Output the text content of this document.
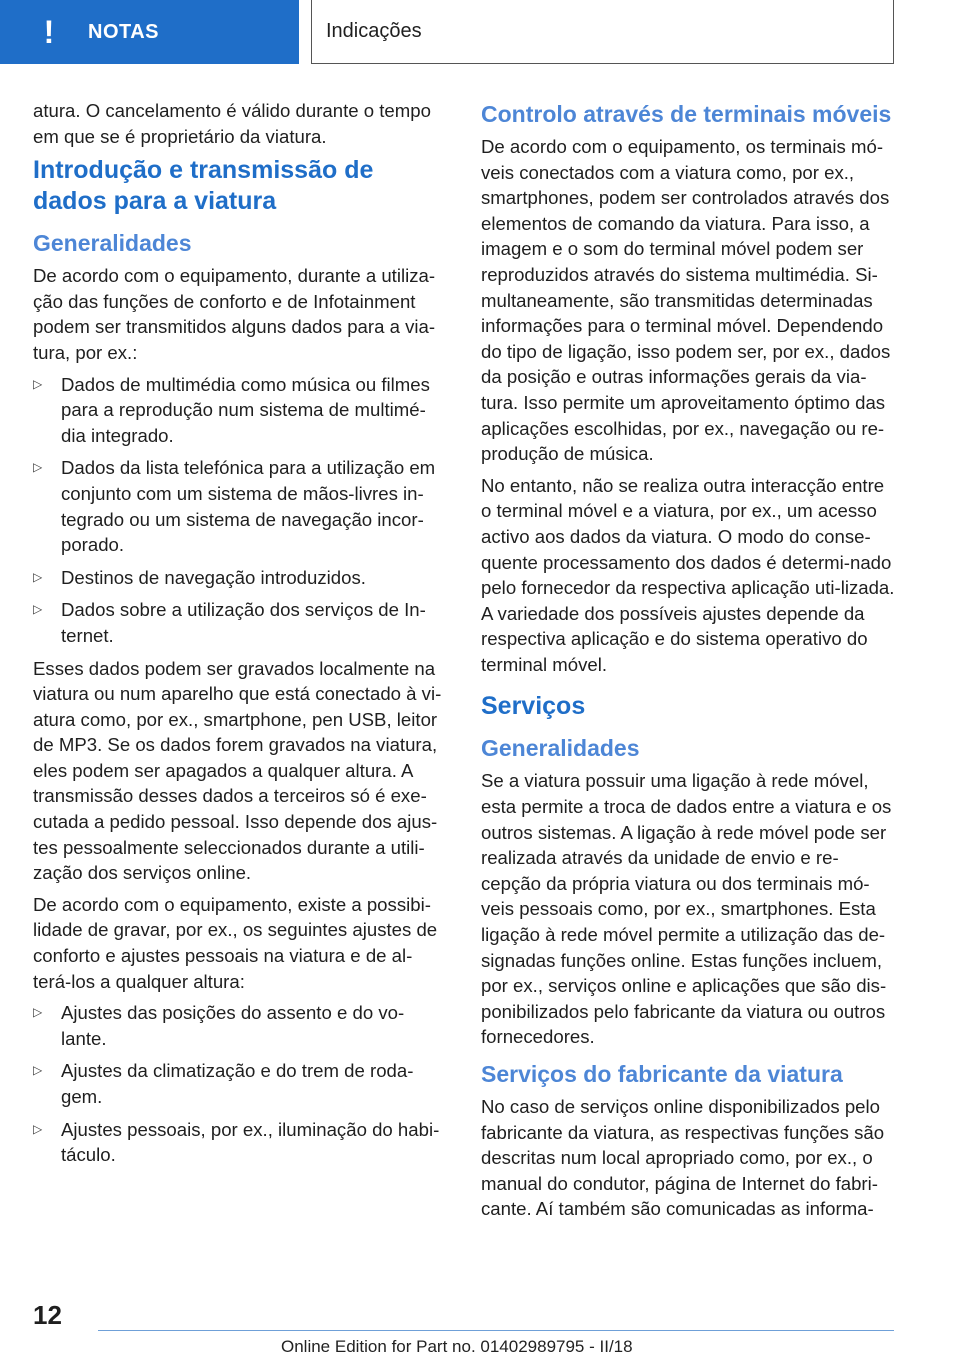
! NOTAS	Indicações

atura. O cancelamento é válido durante o tempo em que se é proprietário da viatura.

Introdução e transmissão de dados para a viatura
Generalidades

De acordo com o equipamento, durante a utiliza-ção das funções de conforto e de Infotainment podem ser transmitidos alguns dados para a via-tura, por ex.:

▷ Dados de multimédia como música ou filmes para a reprodução num sistema de multimé-dia integrado.
▷ Dados da lista telefónica para a utilização em conjunto com um sistema de mãos-livres in-tegrado ou um sistema de navegação incor-porado.
▷ Destinos de navegação introduzidos.
▷ Dados sobre a utilização dos serviços de In-ternet.

Esses dados podem ser gravados localmente na viatura ou num aparelho que está conectado à vi-atura como, por ex., smartphone, pen USB, leitor de MP3. Se os dados forem gravados na viatura, eles podem ser apagados a qualquer altura. A transmissão desses dados a terceiros só é exe-cutada a pedido pessoal. Isso depende dos ajus-tes pessoalmente seleccionados durante a utili-zação dos serviços online.

De acordo com o equipamento, existe a possibi-lidade de gravar, por ex., os seguintes ajustes de conforto e ajustes pessoais na viatura e de al-terá-los a qualquer altura:

▷ Ajustes das posições do assento e do vo-lante.
▷ Ajustes da climatização e do trem de roda-gem.
▷ Ajustes pessoais, por ex., iluminação do habi-táculo.
Controlo através de terminais móveis

De acordo com o equipamento, os terminais mó-veis conectados com a viatura como, por ex., smartphones, podem ser controlados através dos elementos de comando da viatura. Para isso, a imagem e o som do terminal móvel podem ser reproduzidos através do sistema multimédia. Si-multaneamente, são transmitidas determinadas informações para o terminal móvel. Dependendo do tipo de ligação, isso podem ser, por ex., dados da posição e outras informações gerais da via-tura. Isso permite um aproveitamento óptimo das aplicações escolhidas, por ex., navegação ou re-produção de música.

No entanto, não se realiza outra interacção entre o terminal móvel e a viatura, por ex., um acesso activo aos dados da viatura. O modo do conse-quente processamento dos dados é determi-nado pelo fornecedor da respectiva aplicação uti-lizada. A variedade dos possíveis ajustes depende da respectiva aplicação e do sistema operativo do terminal móvel.

Serviços
Generalidades

Se a viatura possuir uma ligação à rede móvel, esta permite a troca de dados entre a viatura e os outros sistemas. A ligação à rede móvel pode ser realizada através da unidade de envio e re-cepção da própria viatura ou dos terminais mó-veis pessoais como, por ex., smartphones. Esta ligação à rede móvel permite a utilização das de-signadas funções online. Estas funções incluem, por ex., serviços online e aplicações que são dis-ponibilizados pelo fabricante da viatura ou outros fornecedores.

Serviços do fabricante da viatura

No caso de serviços online disponibilizados pelo fabricante da viatura, as respectivas funções são descritas num local apropriado como, por ex., o manual do condutor, página de Internet do fabri-cante. Aí também são comunicadas as informa-

12
Online Edition for Part no. 01402989795 - II/18
